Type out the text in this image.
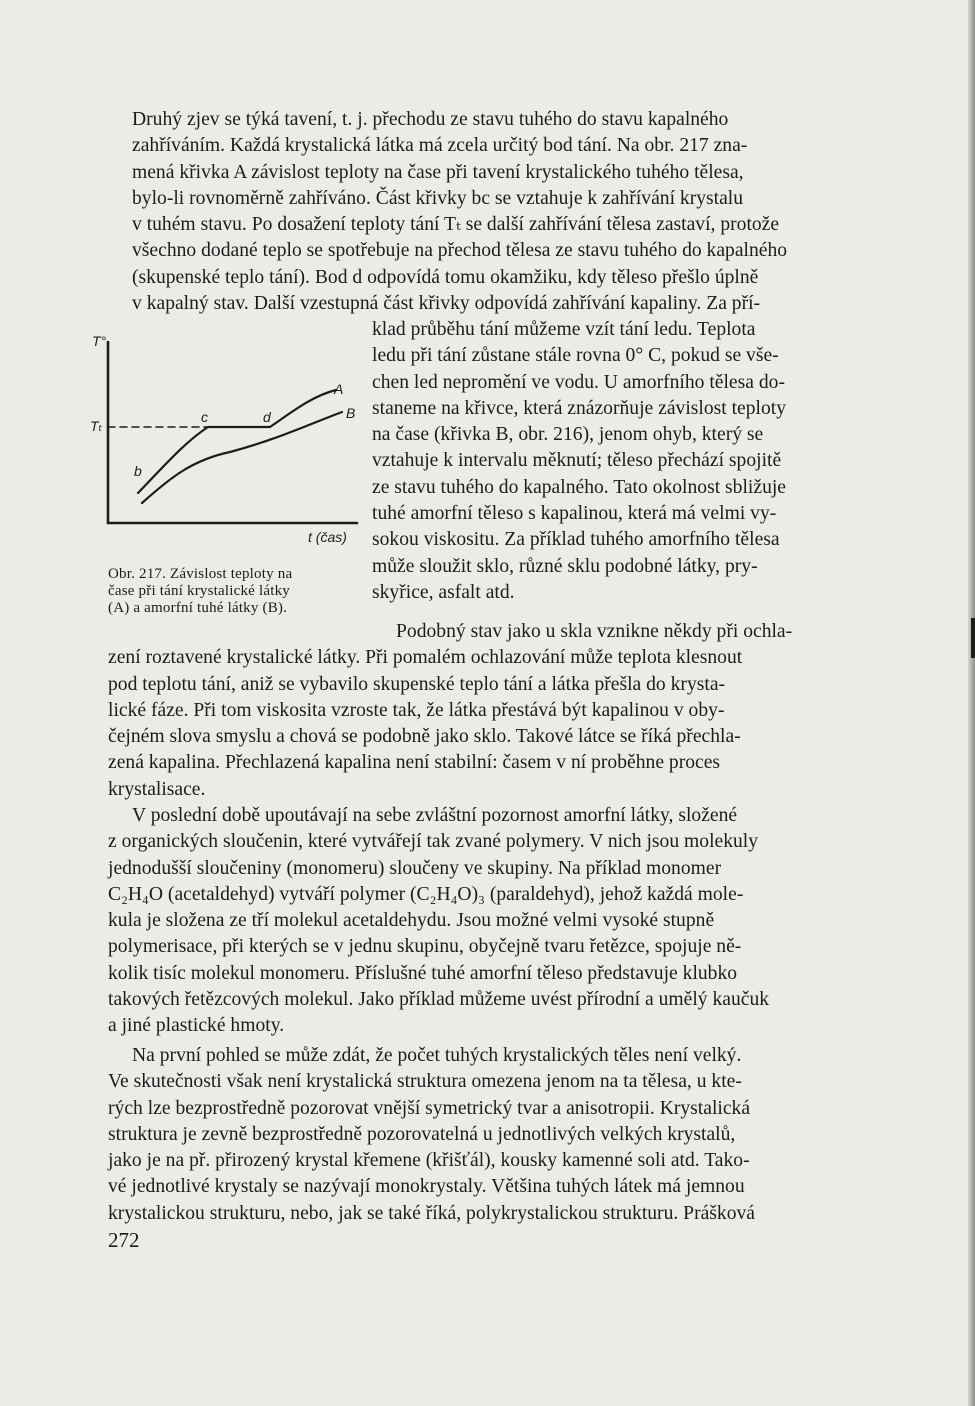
Druhý zjev se týká tavení, t. j. přechodu ze stavu tuhého do stavu kapalného
zahříváním. Každá krystalická látka má zcela určitý bod tání. Na obr. 217 zna-
mená křivka A závislost teploty na čase při tavení krystalického tuhého tělesa,
bylo-li rovnoměrně zahříváno. Část křivky bc se vztahuje k zahřívání krystalu
v tuhém stavu. Po dosažení teploty tání Tₜ se další zahřívání tělesa zastaví, protože
všechno dodané teplo se spotřebuje na přechod tělesa ze stavu tuhého do kapalného
(skupenské teplo tání). Bod d odpovídá tomu okamžiku, kdy těleso přešlo úplně
v kapalný stav. Další vzestupná část křivky odpovídá zahřívání kapaliny. Za pří-
klad průběhu tání můžeme vzít tání ledu. Teplota
ledu při tání zůstane stále rovna 0° C, pokud se vše-
chen led nepromění ve vodu. U amorfního tělesa do-
staneme na křivce, která znázorňuje závislost teploty
na čase (křivka B, obr. 216), jenom ohyb, který se
vztahuje k intervalu měknutí; těleso přechází spojitě
ze stavu tuhého do kapalného. Tato okolnost sbližuje
tuhé amorfní těleso s kapalinou, která má velmi vy-
sokou viskositu. Za příklad tuhého amorfního tělesa
může sloužit sklo, různé sklu podobné látky, pry-
skyřice, asfalt atd.
T°
Tₜ
b
c	d
A
B
t (čas)
Obr. 217. Závislost teploty na
čase při tání krystalické látky
(A) a amorfní tuhé látky (B).
Podobný stav jako u skla vznikne někdy při ochla-
zení roztavené krystalické látky. Při pomalém ochlazování může teplota klesnout
pod teplotu tání, aniž se vybavilo skupenské teplo tání a látka přešla do krysta-
lické fáze. Při tom viskosita vzroste tak, že látka přestává být kapalinou v oby-
čejném slova smyslu a chová se podobně jako sklo. Takové látce se říká přechla-
zená kapalina. Přechlazená kapalina není stabilní: časem v ní proběhne proces
krystalisace.
V poslední době upoutávají na sebe zvláštní pozornost amorfní látky, složené
z organických sloučenin, které vytvářejí tak zvané polymery. V nich jsou molekuly
jednodušší sloučeniny (monomeru) sloučeny ve skupiny. Na příklad monomer
C₂H₄O (acetaldehyd) vytváří polymer (C₂H₄O)₃ (paraldehyd), jehož každá mole-
kula je složena ze tří molekul acetaldehydu. Jsou možné velmi vysoké stupně
polymerisace, při kterých se v jednu skupinu, obyčejně tvaru řetězce, spojuje ně-
kolik tisíc molekul monomeru. Příslušné tuhé amorfní těleso představuje klubko
takových řetězcových molekul. Jako příklad můžeme uvést přírodní a umělý kaučuk
a jiné plastické hmoty.
Na první pohled se může zdát, že počet tuhých krystalických těles není velký.
Ve skutečnosti však není krystalická struktura omezena jenom na ta tělesa, u kte-
rých lze bezprostředně pozorovat vnější symetrický tvar a anisotropii. Krystalická
struktura je zevně bezprostředně pozorovatelná u jednotlivých velkých krystalů,
jako je na př. přirozený krystal křemene (křišťál), kousky kamenné soli atd. Tako-
vé jednotlivé krystaly se nazývají monokrystaly. Většina tuhých látek má jemnou
krystalickou strukturu, nebo, jak se také říká, polykrystalickou strukturu. Prášková
272
